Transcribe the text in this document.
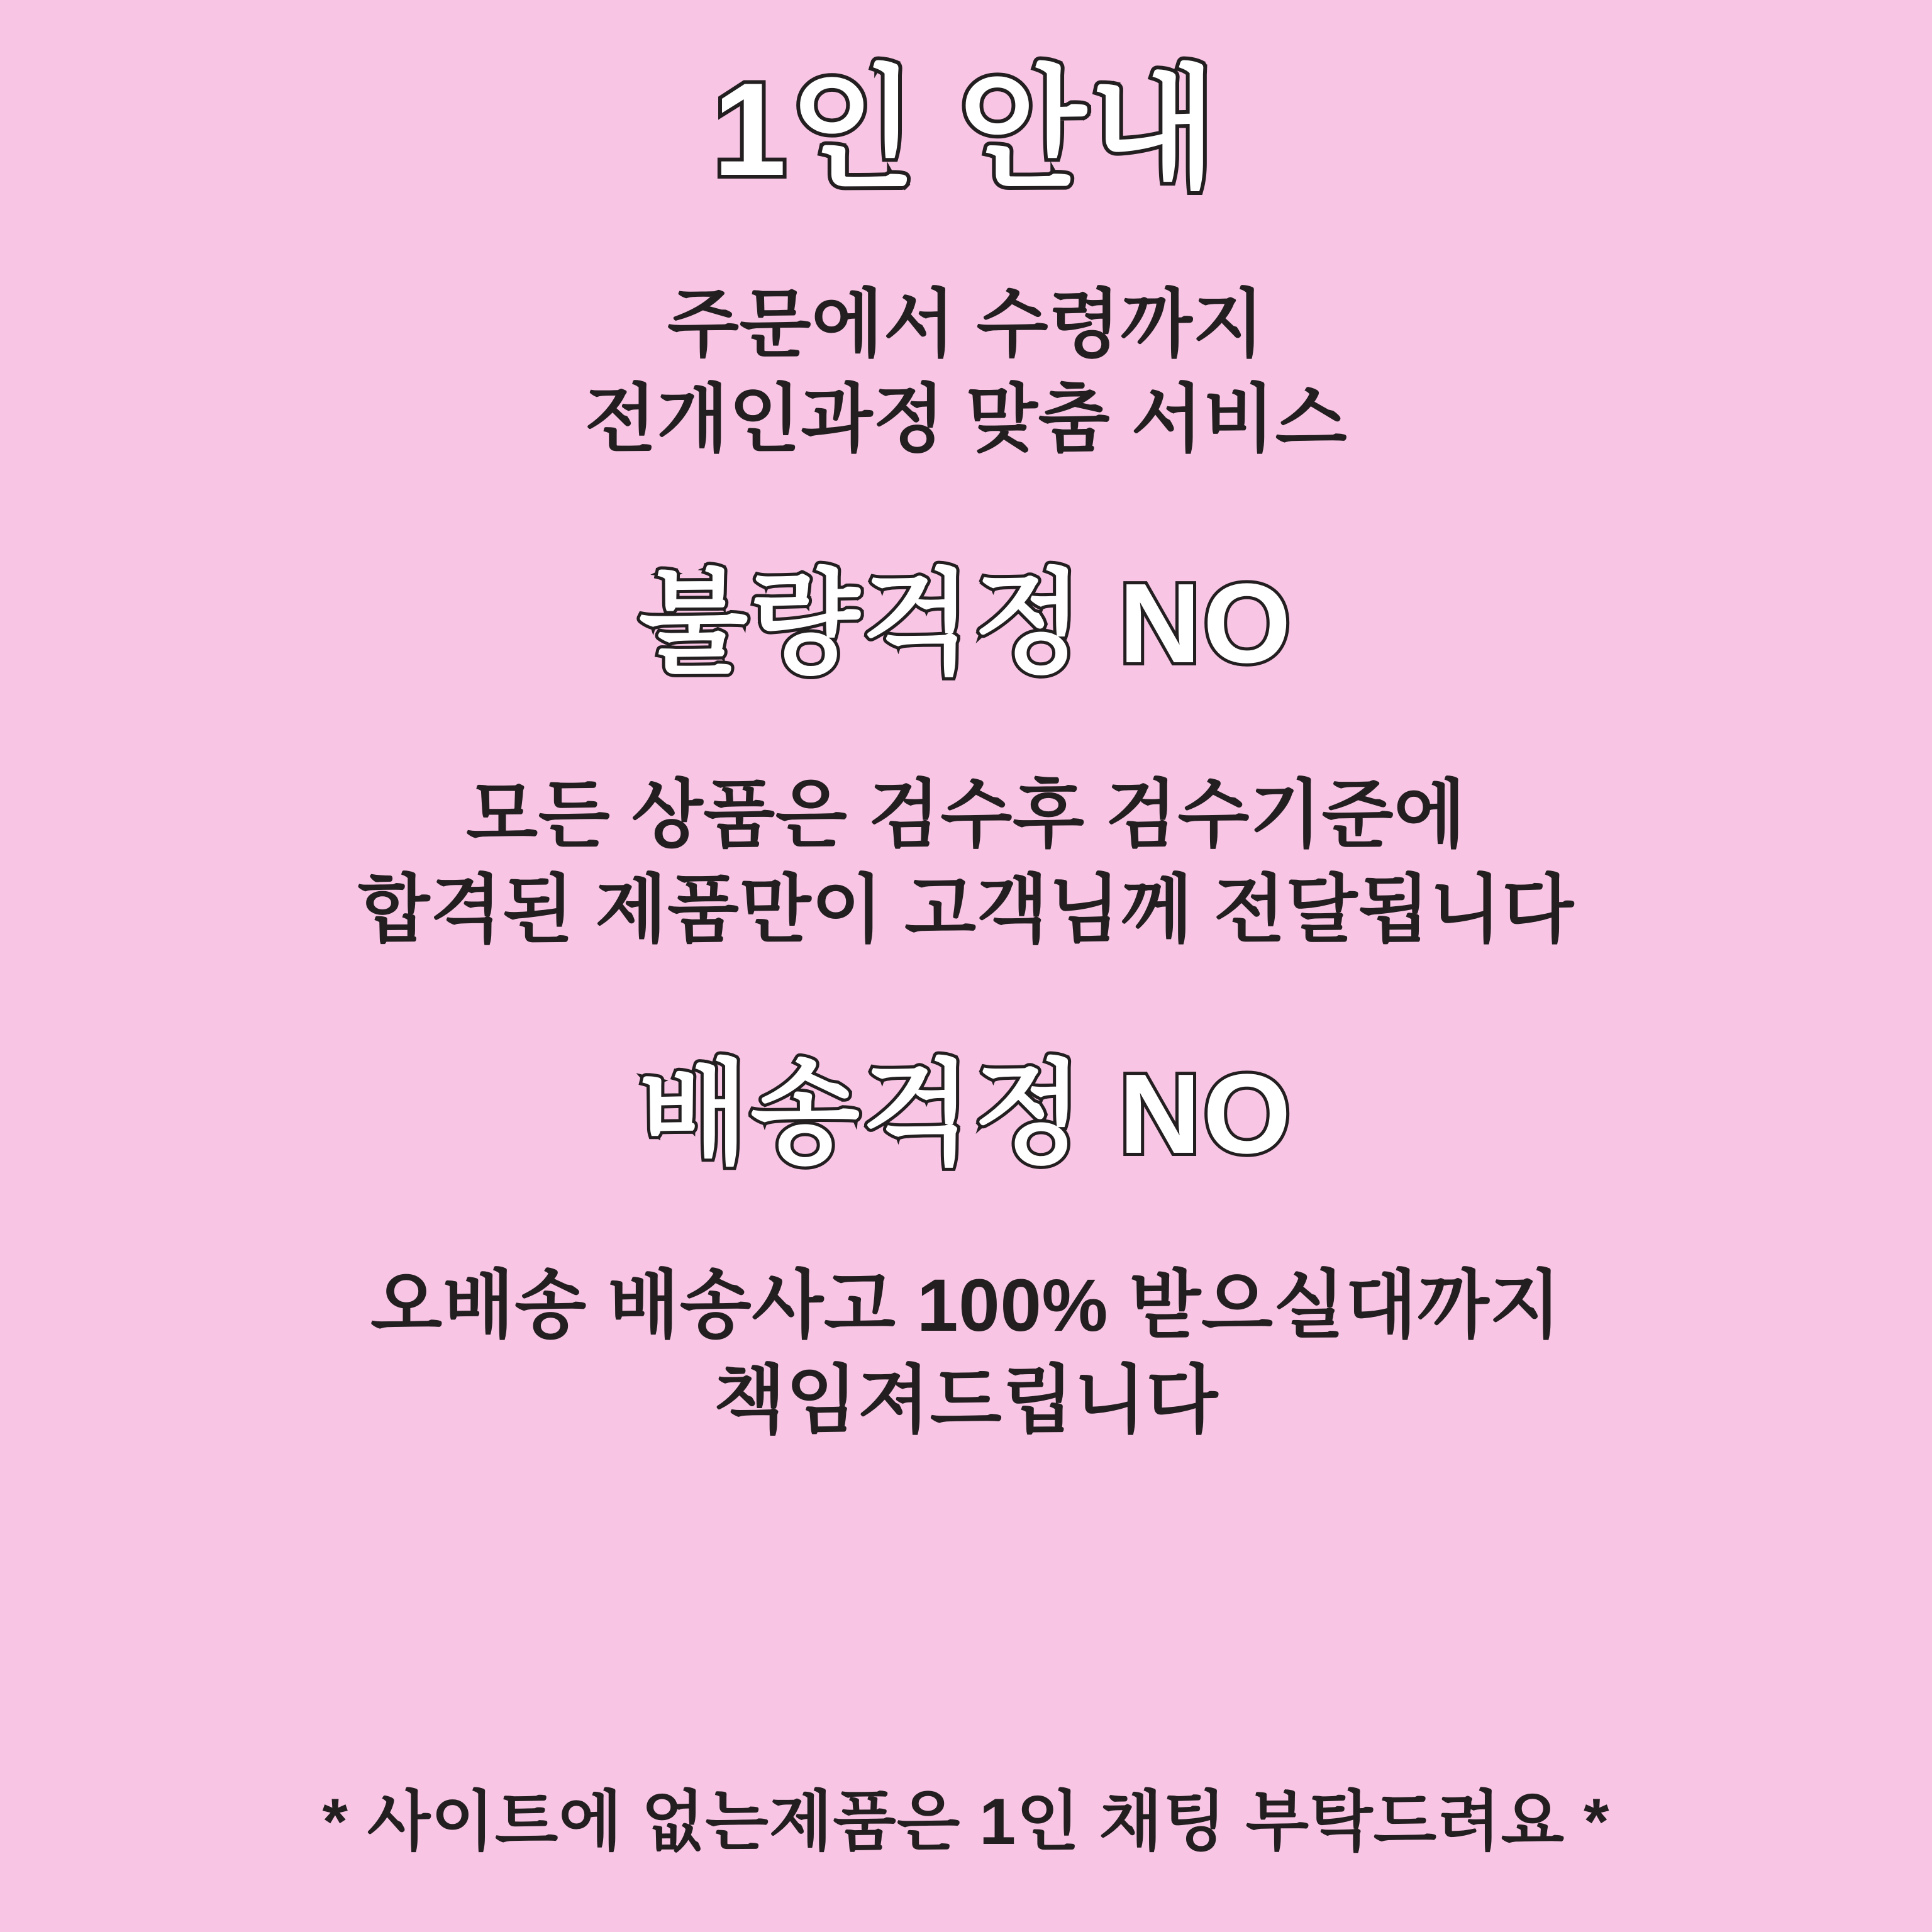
1인 안내
주문에서 수령까지
전개인과정 맞춤 서비스
불량걱정 NO
모든 상품은 검수후 검수기준에
합격된 제품만이 고객님께 전달됩니다
배송걱정 NO
오배송 배송사고 100% 받으실대까지
책임져드립니다
* 사이트에 없는제품은 1인 채팅 부탁드려요 *
